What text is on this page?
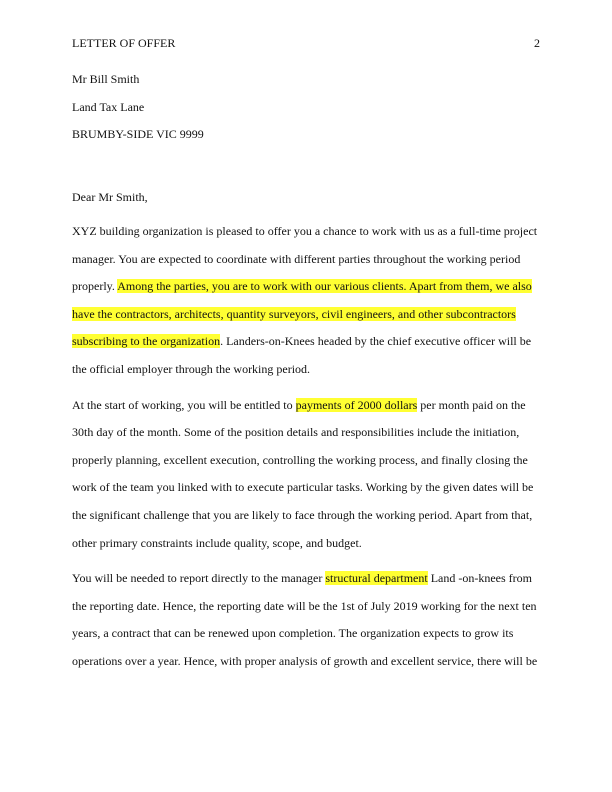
LETTER OF OFFER	2
Mr Bill Smith
Land Tax Lane
BRUMBY-SIDE VIC 9999
Dear Mr Smith,

XYZ building organization is pleased to offer you a chance to work with us as a full-time project manager. You are expected to coordinate with different parties throughout the working period properly. Among the parties, you are to work with our various clients. Apart from them, we also have the contractors, architects, quantity surveyors, civil engineers, and other subcontractors subscribing to the organization. Landers-on-Knees headed by the chief executive officer will be the official employer through the working period.

At the start of working, you will be entitled to payments of 2000 dollars per month paid on the 30th day of the month. Some of the position details and responsibilities include the initiation, properly planning, excellent execution, controlling the working process, and finally closing the work of the team you linked with to execute particular tasks. Working by the given dates will be the significant challenge that you are likely to face through the working period. Apart from that, other primary constraints include quality, scope, and budget.

You will be needed to report directly to the manager structural department Land -on-knees from the reporting date. Hence, the reporting date will be the 1st of July 2019 working for the next ten years, a contract that can be renewed upon completion. The organization expects to grow its operations over a year. Hence, with proper analysis of growth and excellent service, there will be
